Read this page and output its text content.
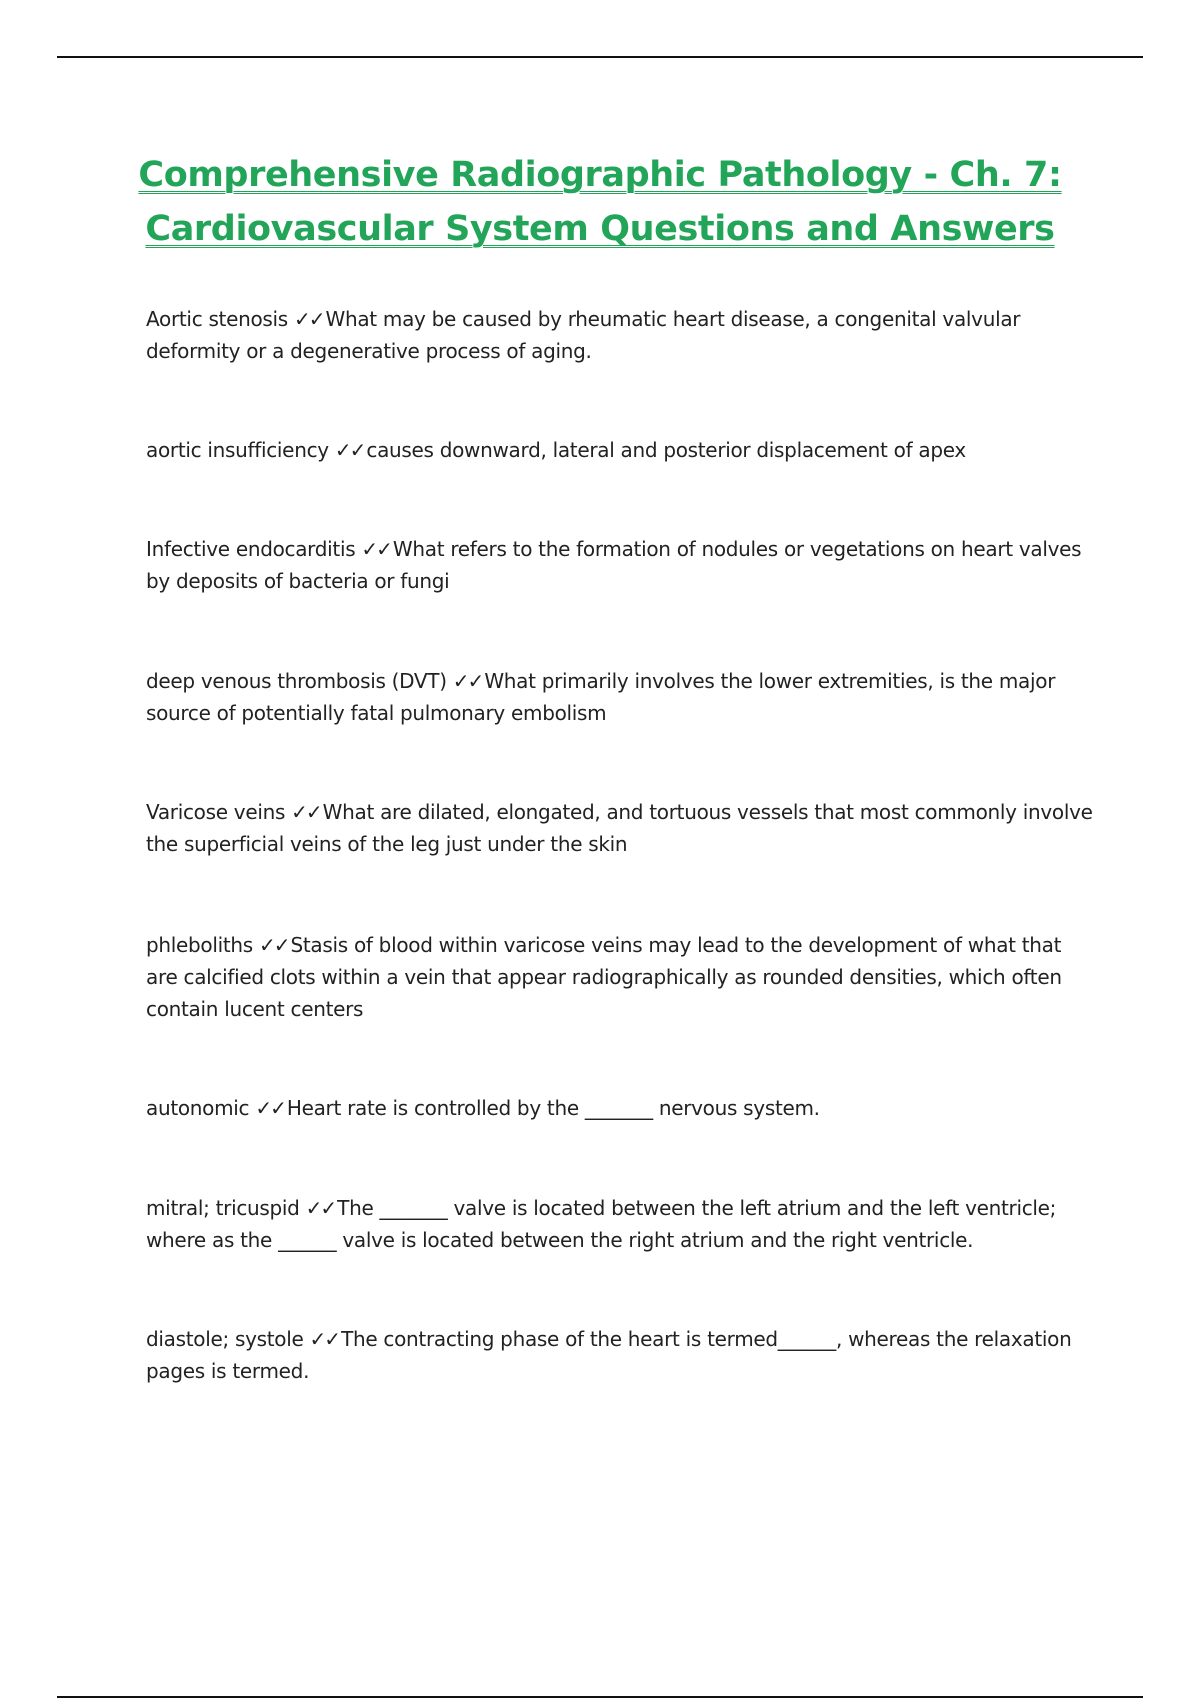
Comprehensive Radiographic Pathology - Ch. 7:
Cardiovascular System Questions and Answers

Aortic stenosis ✓✓ What may be caused by rheumatic heart disease, a congenital valvular deformity or a degenerative process of aging.

aortic insufficiency ✓✓ causes downward, lateral and posterior displacement of apex

Infective endocarditis ✓✓ What refers to the formation of nodules or vegetations on heart valves by deposits of bacteria or fungi

deep venous thrombosis (DVT) ✓✓ What primarily involves the lower extremities, is the major source of potentially fatal pulmonary embolism

Varicose veins ✓✓ What are dilated, elongated, and tortuous vessels that most commonly involve the superficial veins of the leg just under the skin

phleboliths ✓✓ Stasis of blood within varicose veins may lead to the development of what that are calcified clots within a vein that appear radiographically as rounded densities, which often contain lucent centers

autonomic ✓✓ Heart rate is controlled by the _______ nervous system.

mitral; tricuspid ✓✓ The _______ valve is located between the left atrium and the left ventricle; where as the ______ valve is located between the right atrium and the right ventricle.

diastole; systole ✓✓ The contracting phase of the heart is termed______, whereas the relaxation pages is termed.
